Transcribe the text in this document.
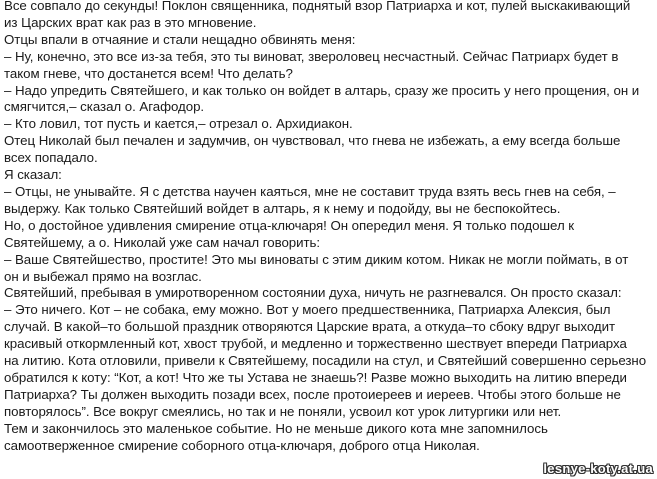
Все совпало до секунды! Поклон священника, поднятый взор Патриарха и кот, пулей выскакивающий
из Царских врат как раз в это мгновение.
Отцы впали в отчаяние и стали нещадно обвинять меня:
– Ну, конечно, это все из-за тебя, это ты виноват, звероловец несчастный. Сейчас Патриарх будет в
таком гневе, что достанется всем! Что делать?
– Надо упредить Святейшего, и как только он войдет в алтарь, сразу же просить у него прощения, он и
смягчится,– сказал о. Агафодор.
– Кто ловил, тот пусть и кается,– отрезал о. Архидиакон.
Отец Николай был печален и задумчив, он чувствовал, что гнева не избежать, а ему всегда больше
всех попадало.
Я сказал:
– Отцы, не унывайте. Я с детства научен каяться, мне не составит труда взять весь гнев на себя, –
выдержу. Как только Святейший войдет в алтарь, я к нему и подойду, вы не беспокойтесь.
Но, о достойное удивления смирение отца-ключаря! Он опередил меня. Я только подошел к
Святейшему, а о. Николай уже сам начал говорить:
– Ваше Святейшество, простите! Это мы виноваты с этим диким котом. Никак не могли поймать, в от
он и выбежал прямо на возглас.
Святейший, пребывая в умиротворенном состоянии духа, ничуть не разгневался. Он просто сказал:
– Это ничего. Кот – не собака, ему можно. Вот у моего предшественника, Патриарха Алексия, был
случай. В какой–то большой праздник отворяются Царские врата, а откуда–то сбоку вдруг выходит
красивый откормленный кот, хвост трубой, и медленно и торжественно шествует впереди Патриарха
на литию. Кота отловили, привели к Святейшему, посадили на стул, и Святейший совершенно серьезно
обратился к коту: “Кот, а кот! Что же ты Устава не знаешь?! Разве можно выходить на литию впереди
Патриарха? Ты должен выходить позади всех, после протоиереев и иереев. Чтобы этого больше не
повторялось”. Все вокруг смеялись, но так и не поняли, усвоил кот урок литургики или нет.
Тем и закончилось это маленькое событие. Но не меньше дикого кота мне запомнилось
самоотверженное смирение соборного отца-ключаря, доброго отца Николая.
lesnye-koty.at.ua
